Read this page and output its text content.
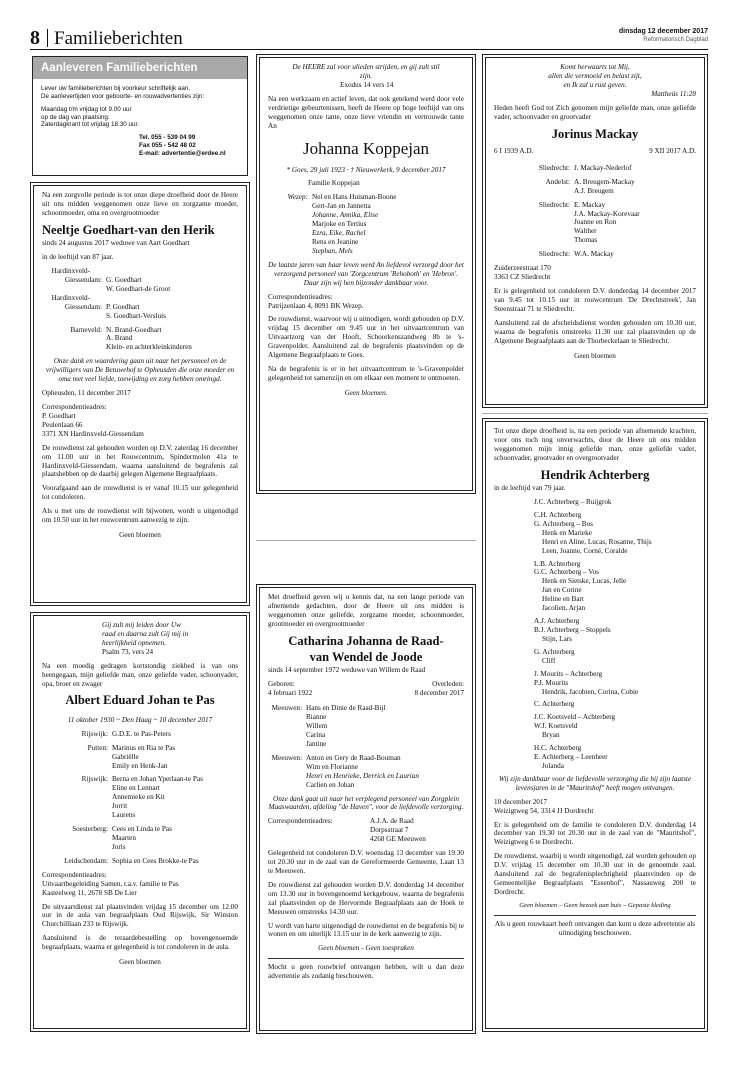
8 Familieberichten	dinsdag 12 december 2017
Reformatorisch Dagblad
Aanleveren Familieberichten
Lever uw familieberichten bij voorkeur schriftelijk aan.
De aanlevertijden voor geboorte- en rouwadvertenties zijn:
Maandag t/m vrijdag tot 9.00 uur
op de dag van plaatsing.
Zaterdagkrant tot vrijdag 18.30 uur.
Tel. 055 - 539 04 99
Fax 055 - 542 48 02
E-mail: advertentie@erdee.nl

Na een zorgvolle periode is tot onze diepe droefheid door de Heere uit ons midden weggenomen onze lieve en zorgzame moeder, schoonmoeder, oma en overgrootmoeder

Neeltje Goedhart-van den Herik

sinds 24 augustus 2017 weduwe van Aart Goedhart

in de leeftijd van 87 jaar.

Hardinxveld-
Giessendam: G. Goedhart
W. Goedhart-de Groot
Hardinxveld-
Giessendam: P. Goedhart
S. Goedhart-Versluis
Barneveld: N. Brand-Goedhart
A. Brand
Klein- en achterkleinkinderen

Onze dank en waardering gaan uit naar het personeel en de vrijwilligers van De Betuwehof te Opheusden die onze moeder en oma met veel liefde, toewijding en zorg hebben omringd.

Opheusden, 11 december 2017

Correspondentieadres:
P. Goedhart
Peulenlaan 66

3371 XN Hardinxveld-Giessendam

De rouwdienst zal gehouden worden op D.V. zaterdag 16 december om 11.00 uur in het Rouwcentrum, Spindermolen 41a te Hardinxveld-Giessendam, waarna aansluitend de begrafenis zal plaatshebben op de daarbij gelegen Algemene Begraafplaats.

Voorafgaand aan de rouwdienst is er vanaf 10.15 uur gelegenheid tot condoleren.

Als u met ons de rouwdienst wilt bijwonen, wordt u uitgenodigd om 10.50 uur in het rouwcentrum aanwezig te zijn.

Geen bloemen
De HEERE zal voor ulieden strijden, en gij zult stil zijn.

Exodus 14 vers 14

Na een werkzaam en actief leven, dat ook getekend werd door vele verdrietige gebeurtenissen, heeft de Heere op hoge leeftijd van ons weggenomen onze tante, onze lieve vriendin en vertrouwde tante An

Johanna Koppejan

* Goes, 29 juli 1923 · † Nieuwerkerk, 9 december 2017

Familie Koppejan

Wezep: Nel en Hans Huisman-Boone
Gert-Jan en Jannetta
Johanne, Annika, Elise
Marjoke en Tertius
Ezra, Eike, Rachel
Rens en Jeanine
Stephan, Mels

De laatste jaren van haar leven werd An liefdevol verzorgd door het verzorgend personeel van 'Zorgcentrum 'Rehoboth' en 'Hebron'. Daar zijn wij hen bijzonder dankbaar voor.

Correspondentieadres:

Patrijzenlaan 4, 8091 BK Wezep.

De rouwdienst, waarvoor wij u uitnodigen, wordt gehouden op D.V. vrijdag 15 december om 9.45 uur in het uitvaartcentrum van Uitvaartzorg van der Hooft, Schoorkenszandweg 8b te 's-Gravenpolder. Aansluitend zal de begrafenis plaatsvinden op de Algemene Begraafplaats te Goes.

Na de begrafenis is er in het uitvaartcentrum te 's-Gravenpolder gelegenheid tot samenzijn en om elkaar een moment te ontmoeten.

Geen bloemen.
Komt herwaarts tot Mij,
allen die vermoeid en belast zijt,
en Ik zal u rust geven.

Mattheüs 11:28

Heden heeft God tot Zich genomen mijn geliefde man, onze geliefde vader, schoonvader en grootvader

Jorinus Mackay
6 I 1939 A.D.	9 XII 2017 A.D.
Sliedrecht: J. Mackay-Nederlof
Andelst: A. Breugem-Mackay
A.J. Breugem
Sliedrecht: E. Mackay
J.A. Mackay-Korevaar
Joanne en Ron
Walther
Thomas
Sliedrecht: W.A. Mackay
Zuiderzeestraat 170

3363 CZ Sliedrecht

Er is gelegenheid tot condoleren D.V. donderdag 14 december 2017 van 9.45 tot 10.15 uur in rouwcentrum 'De Drechtstreek', Jan Steenstraat 71 te Sliedrecht.

Aansluitend zal de afscheidsdienst worden gehouden om 10.30 uur, waarna de begrafenis omstreeks 11.30 uur zal plaatsvinden op de Algemene Begraafplaats aan de Thorbeckelaan te Sliedrecht.

Geen bloemen
Gij zult mij leiden door Uw
raad en daarna zult Gij mij in
heerlijkheid opnemen.

Psalm 73, vers 24

Na een moedig gedragen kortstondig ziekbed is van ons heengegaan, mijn geliefde man, onze geliefde vader, schoonvader, opa, broer en zwager

Albert Eduard Johan te Pas

11 oktober 1930 ~ Den Haag ~ 10 december 2017

Rijswijk: G.D.E. te Pas-Peters
Putten: Marinus en Ria te Pas
Gabriëlle
Emily en Henk-Jan
Rijswijk: Berna en Johan Yperlaan-te Pas
Eline en Lennart
Annemieke en Kit
Jorrit
Laurens
Soesterberg: Cees en Linda te Pas
Maarten
Joris
Leidschendam: Sophia en Cees Brokke-te Pas
Correspondentieadres:
Uitvaartbegeleiding Samen, t.a.v. familie te Pas

Kasteelweg 11, 2678 SB De Lier

De uitvaartdienst zal plaatsvinden vrijdag 15 december om 12.00 uur in de aula van begraafplaats Oud Rijswijk, Sir Winston Churchilllaan 233 te Rijswijk.

Aansluitend is de teraardebestelling op bovengenoemde begraafplaats, waarna er gelegenheid is tot condoleren in de aula.

Geen bloemen

Met droefheid geven wij u kennis dat, na een lange periode van afnemende gedachten, door de Heere uit ons midden is weggenomen onze geliefde, zorgzame moeder, schoonmoeder, grootmoeder en overgrootmoeder

Catharina Johanna de Raad-
van Wendel de Joode

sinds 14 september 1972 weduwe van Willem de Raad

Geboren:	Overleden:
4 februari 1922	8 december 2017
Meeuwen: Hans en Dinie de Raad-Bijl
Rianne
Willem
Carina
Jantine
Meeuwen: Anton en Gery de Raad-Bouman
Wim en Florianne
Henri en Henrieke, Derrick en Laurian
Carlien en Johan

Onze dank gaat uit naar het verplegend personeel van Zorgplein Maaswaarden, afdeling "de Haven", voor de liefdevolle verzorging.

Correspondentieadres:	A.J.A. de Raad
Dorpsstraat 7

4268 GE Meeuwen

Gelegenheid tot condoleren D.V. woensdag 13 december van 19.30 tot 20.30 uur in de zaal van de Gereformeerde Gemeente, Laan 13 te Meeuwen.

De rouwdienst zal gehouden worden D.V. donderdag 14 december om 13.30 uur in bovengenoemd kerkgebouw, waarna de begrafenis zal plaatsvinden op de Hervormde Begraafplaats aan de Hoek te Meeuwen omstreeks 14.30 uur.

U wordt van harte uitgenodigd de rouwdienst en de begrafenis bij te wonen en om uiterlijk 13.15 uur in de kerk aanwezig te zijn.

Geen bloemen - Geen toespraken

Mocht u geen rouwbrief ontvangen hebben, wilt u dan deze advertentie als zodanig beschouwen.

Tot onze diepe droefheid is, na een periode van afnemende krachten, voor ons toch nog onverwachts, door de Heere uit ons midden weggenomen mijn innig geliefde man, onze geliefde vader, schoonvader, grootvader en overgrootvader

Hendrik Achterberg

in de leeftijd van 79 jaar.

J.C. Achterberg – Ruijgrok
C.H. Achterberg
G. Achterberg – Bos
Henk en Marieke
Henri en Aline, Lucas, Rosanne, Thijs
Leen, Joanne, Corné, Coralde
L.B. Achterberg
G.C. Achterberg – Vos
Henk en Sietske, Lucas, Jelle
Jan en Corine
Heline en Bart
Jacolien, Arjan
A.J. Achterberg
B.J. Achterberg – Stoppels
Stijn, Lars
G. Achterberg
Cliff
J. Mourits – Achterberg
P.J. Mourits
Hendrik, Jacobien, Corina, Cobie
C. Achterberg
J.C. Koetsveld – Achterberg
W.J. Koetsveld
Bryan
H.C. Achterberg
E. Achterberg – Leenheer
Jolanda

Wij zijn dankbaar voor de liefdevolle verzorging die hij zijn laatste levensjaren in de "Mauritshof" heeft mogen ontvangen.

10 december 2017

Weizigtweg 54, 3314 JJ Dordrecht

Er is gelegenheid om de familie te condoleren D.V. donderdag 14 december van 19.30 tot 20.30 uur in de zaal van de "Mauritshof", Weizigtweg 6 te Dordrecht.

De rouwdienst, waarbij u wordt uitgenodigd, zal worden gehouden op D.V. vrijdag 15 december om 10.30 uur in de genoemde zaal. Aansluitend zal de begrafenisplechtigheid plaatsvinden op de Gemeentelijke Begraafplaats "Essenhof", Nassauweg 200 te Dordrecht.

Geen bloemen – Geen bezoek aan huis – Gepaste kleding

Als u geen rouwkaart heeft ontvangen dan kunt u deze advertentie als uitnodiging beschouwen.
